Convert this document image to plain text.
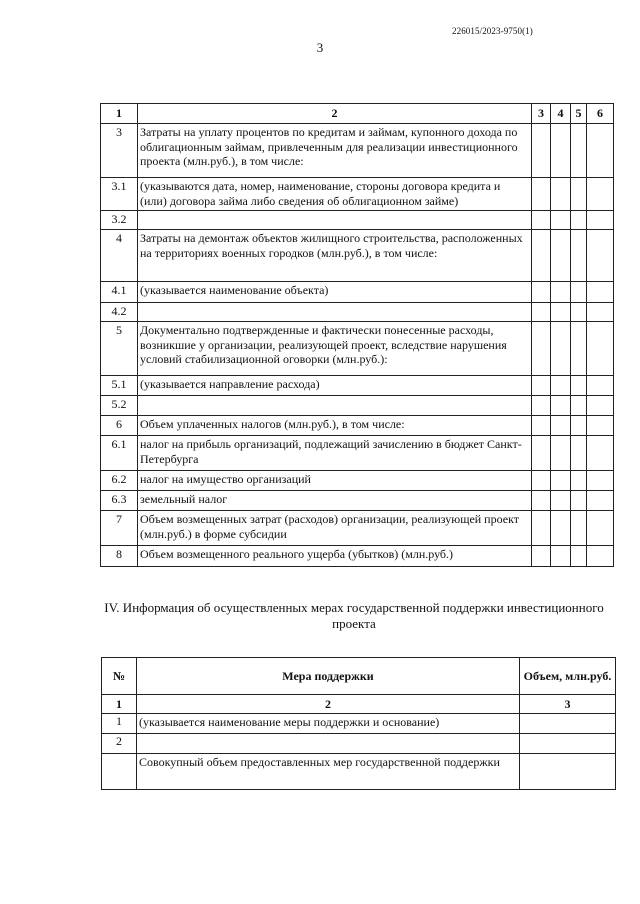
226015/2023-9750(1)
3
1	2	3	4	5	6
3	Затраты на уплату процентов по кредитам и займам, купонного дохода по облигационным займам, привлеченным для реализации инвестиционного проекта (млн.руб.), в том числе:				
3.1	(указываются дата, номер, наименование, стороны договора кредита и (или) договора займа либо сведения об облигационном займе)				
3.2					
4	Затраты на демонтаж объектов жилищного строительства, расположенных на территориях военных городков (млн.руб.), в том числе:				
4.1	(указывается наименование объекта)				
4.2					
5	Документально подтвержденные и фактически понесенные расходы, возникшие у организации, реализующей проект, вследствие нарушения условий стабилизационной оговорки (млн.руб.):				
5.1	(указывается направление расхода)				
5.2					
6	Объем уплаченных налогов (млн.руб.), в том числе:				
6.1	налог на прибыль организаций, подлежащий зачислению в бюджет Санкт-Петербурга				
6.2	налог на имущество организаций				
6.3	земельный налог				
7	Объем возмещенных затрат (расходов) организации, реализующей проект (млн.руб.) в форме субсидии				
8	Объем возмещенного реального ущерба (убытков) (млн.руб.)				
IV. Информация об осуществленных мерах государственной поддержки инвестиционного проекта
№	Мера поддержки	Объем, млн.руб.
1	2	3
1	(указывается наименование меры поддержки и основание)	
2		
	Совокупный объем предоставленных мер государственной поддержки	
